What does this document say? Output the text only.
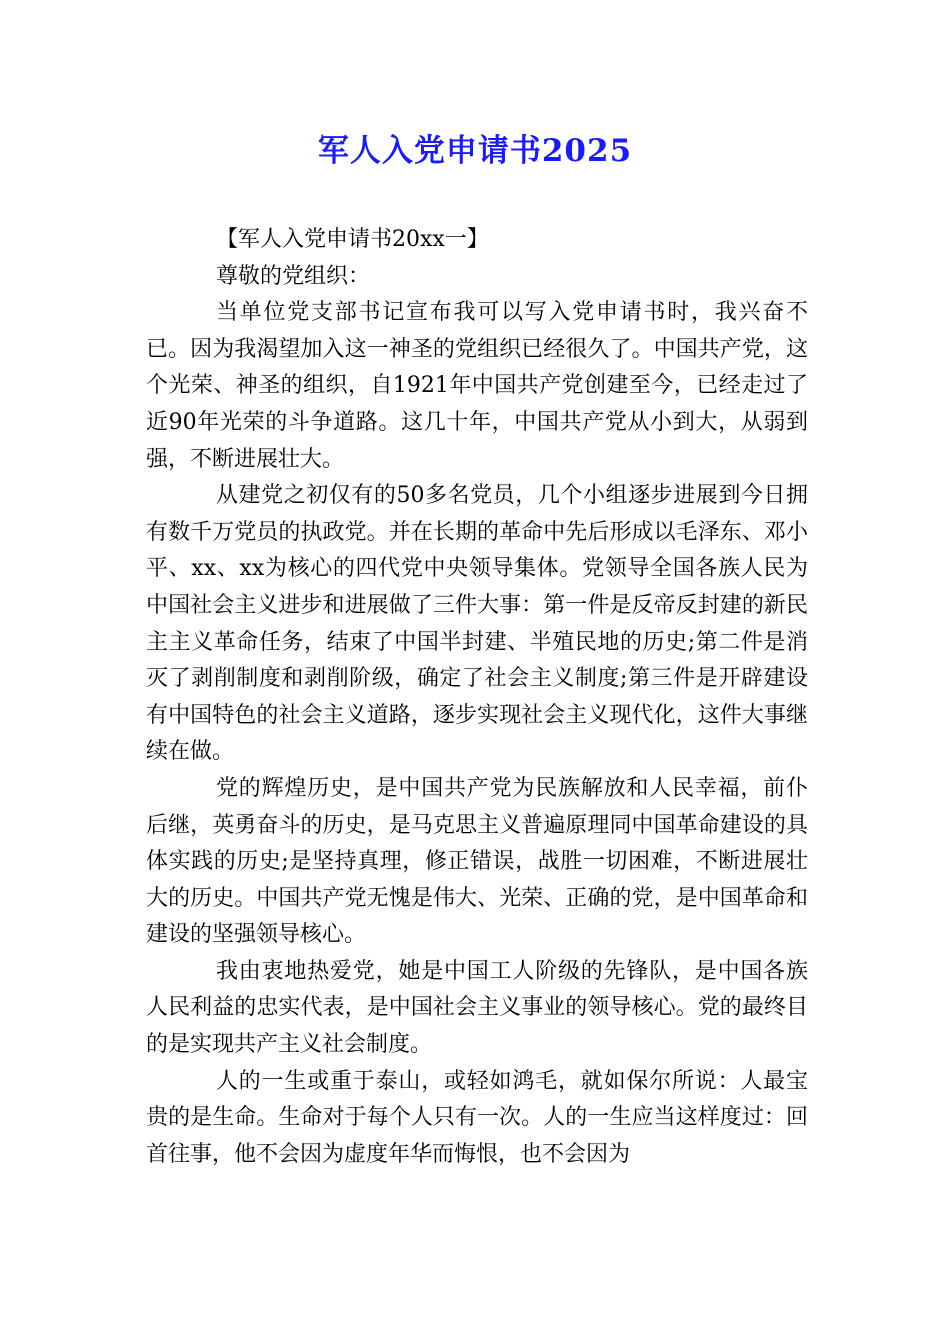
军人入党申请书2025

【军人入党申请书20xx一】

尊敬的党组织：

当单位党支部书记宣布我可以写入党申请书时，我兴奋不已。因为我渴望加入这一神圣的党组织已经很久了。中国共产党，这个光荣、神圣的组织，自1921年中国共产党创建至今，已经走过了近90年光荣的斗争道路。这几十年，中国共产党从小到大，从弱到强，不断进展壮大。

从建党之初仅有的50多名党员，几个小组逐步进展到今日拥有数千万党员的执政党。并在长期的革命中先后形成以毛泽东、邓小平、xx、xx为核心的四代党中央领导集体。党领导全国各族人民为中国社会主义进步和进展做了三件大事：第一件是反帝反封建的新民主主义革命任务，结束了中国半封建、半殖民地的历史;第二件是消灭了剥削制度和剥削阶级，确定了社会主义制度;第三件是开辟建设有中国特色的社会主义道路，逐步实现社会主义现代化，这件大事继续在做。

党的辉煌历史，是中国共产党为民族解放和人民幸福，前仆后继，英勇奋斗的历史，是马克思主义普遍原理同中国革命建设的具体实践的历史;是坚持真理，修正错误，战胜一切困难，不断进展壮大的历史。中国共产党无愧是伟大、光荣、正确的党，是中国革命和建设的坚强领导核心。

我由衷地热爱党，她是中国工人阶级的先锋队，是中国各族人民利益的忠实代表，是中国社会主义事业的领导核心。党的最终目的是实现共产主义社会制度。

人的一生或重于泰山，或轻如鸿毛，就如保尔所说：人最宝贵的是生命。生命对于每个人只有一次。人的一生应当这样度过：回首往事，他不会因为虚度年华而悔恨，也不会因为
